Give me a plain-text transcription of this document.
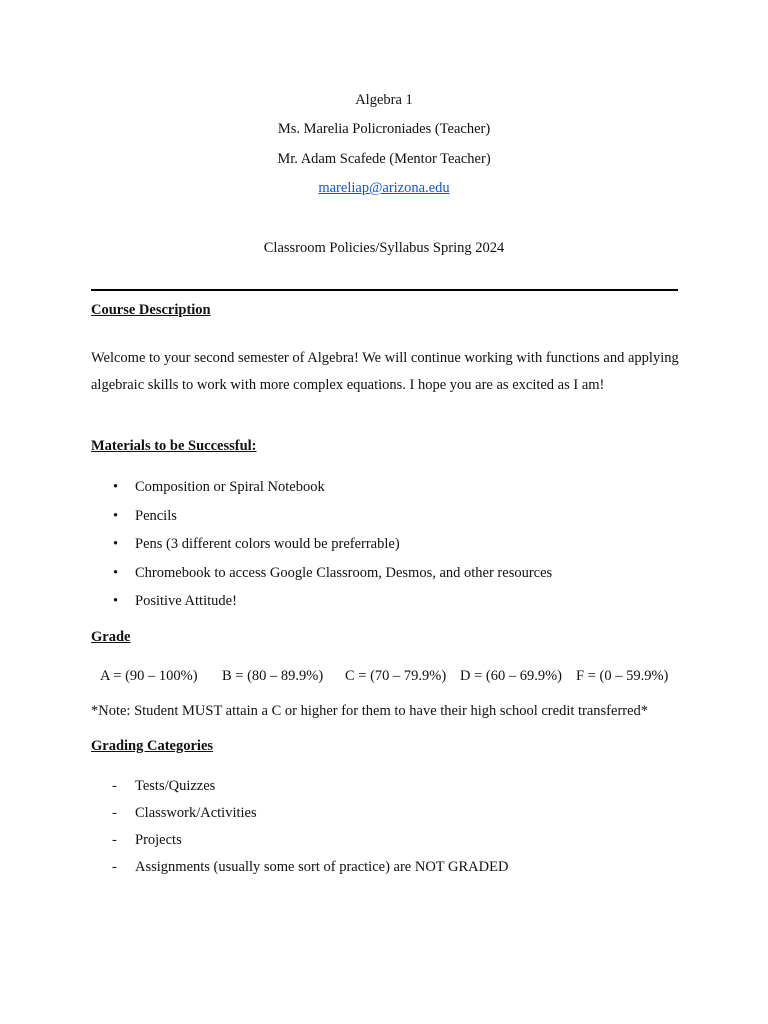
Algebra 1
Ms. Marelia Policroniades (Teacher)
Mr. Adam Scafede (Mentor Teacher)
mareliap@arizona.edu
Classroom Policies/Syllabus Spring 2024
Course Description
Welcome to your second semester of Algebra! We will continue working with functions and applying algebraic skills to work with more complex equations. I hope you are as excited as I am!
Materials to be Successful:
• Composition or Spiral Notebook
• Pencils
• Pens (3 different colors would be preferrable)
• Chromebook to access Google Classroom, Desmos, and other resources
• Positive Attitude!
Grade
A = (90 – 100%) B = (80 – 89.9%) C = (70 – 79.9%) D = (60 – 69.9%) F = (0 – 59.9%)
*Note: Student MUST attain a C or higher for them to have their high school credit transferred*
Grading Categories
- Tests/Quizzes
- Classwork/Activities
- Projects
- Assignments (usually some sort of practice) are NOT GRADED
